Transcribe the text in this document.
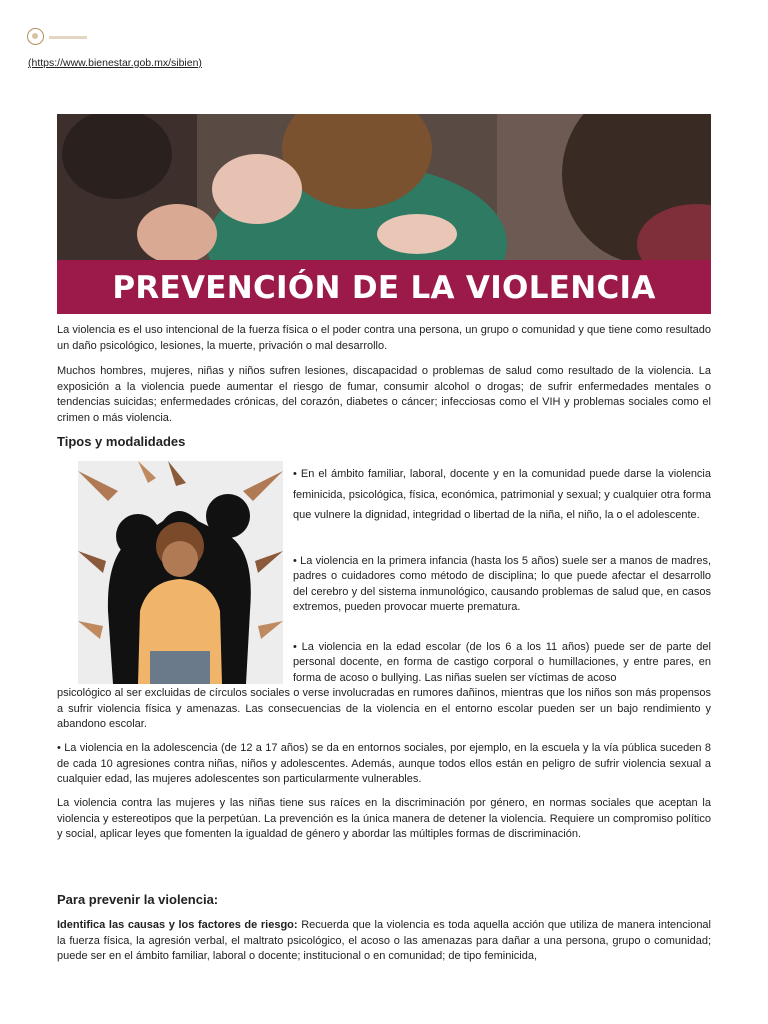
(https://www.bienestar.gob.mx/sibien)
PREVENCIÓN DE LA VIOLENCIA
La violencia es el uso intencional de la fuerza física o el poder contra una persona, un grupo o comunidad y que tiene como resultado un daño psicológico, lesiones, la muerte, privación o mal desarrollo.
Muchos hombres, mujeres, niñas y niños sufren lesiones, discapacidad o problemas de salud como resultado de la violencia. La exposición a la violencia puede aumentar el riesgo de fumar, consumir alcohol o drogas; de sufrir enfermedades mentales o tendencias suicidas; enfermedades crónicas, del corazón, diabetes o cáncer; infecciosas como el VIH y problemas sociales como el crimen o más violencia.
Tipos y modalidades
• En el ámbito familiar, laboral, docente y en la comunidad puede darse la violencia feminicida, psicológica, física, económica, patrimonial y sexual; y cualquier otra forma que vulnere la dignidad, integridad o libertad de la niña, el niño, la o el adolescente.
• La violencia en la primera infancia (hasta los 5 años) suele ser a manos de madres, padres o cuidadores como método de disciplina; lo que puede afectar el desarrollo del cerebro y del sistema inmunológico, causando problemas de salud que, en casos extremos, pueden provocar muerte prematura.
• La violencia en la edad escolar (de los 6 a los 11 años) puede ser de parte del personal docente, en forma de castigo corporal o humillaciones, y entre pares, en forma de acoso o bullying. Las niñas suelen ser víctimas de acoso
psicológico al ser excluidas de círculos sociales o verse involucradas en rumores dañinos, mientras que los niños son más propensos a sufrir violencia física y amenazas. Las consecuencias de la violencia en el entorno escolar pueden ser un bajo rendimiento y abandono escolar.
• La violencia en la adolescencia (de 12 a 17 años) se da en entornos sociales, por ejemplo, en la escuela y la vía pública suceden 8 de cada 10 agresiones contra niñas, niños y adolescentes. Además, aunque todos ellos están en peligro de sufrir violencia sexual a cualquier edad, las mujeres adolescentes son particularmente vulnerables.
La violencia contra las mujeres y las niñas tiene sus raíces en la discriminación por género, en normas sociales que aceptan la violencia y estereotipos que la perpetúan. La prevención es la única manera de detener la violencia. Requiere un compromiso político y social, aplicar leyes que fomenten la igualdad de género y abordar las múltiples formas de discriminación.
Para prevenir la violencia:
Identifica las causas y los factores de riesgo: Recuerda que la violencia es toda aquella acción que utiliza de manera intencional la fuerza física, la agresión verbal, el maltrato psicológico, el acoso o las amenazas para dañar a una persona, grupo o comunidad; puede ser en el ámbito familiar, laboral o docente; institucional o en comunidad; de tipo feminicida,
